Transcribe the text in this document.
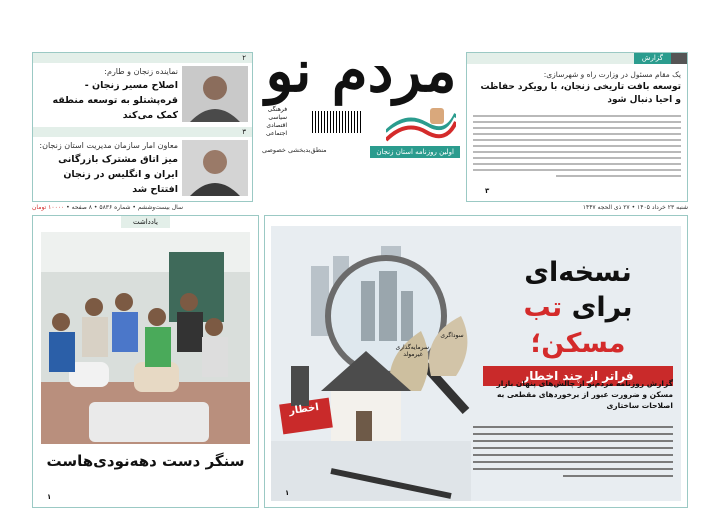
۲
نماینده زنجان و طارم:
اصلاح مسیر زنجان - قره‌پشتلو به توسعه منطقه کمک می‌کند
۳
معاون امار سازمان مدیریت استان زنجان:
میز اتاق مشترک بازرگانی ایران و انگلیس در زنجان افتتاح شد
مردم نو
فرهنگی
سیاسی
اقتصادی
اجتماعی
اولین روزنامه استان زنجان
منطق‌بدبخشی خصوصی
گزارش
یک مقام مسئول در وزارت راه و شهرسازی:
توسعه بافت تاریخی زنجان، با رویکرد حفاظت و احیا دنبال شود
۳
شنبه ۲۳ خرداد ۱۴۰۵ • ۲۷ ذی الحجه ۱۴۴۷
سال بیست‌وششم • شماره ۵۸۳۶ • ۸ صفحه • ۱۰۰۰۰ تومان
یادداشت
سنگر دست دهه‌نودی‌هاست
۱
اخطار
سوداگری
سرمایه‌گذاری غیرمولد
نسخه‌ای
برای تب مسکن؛
فراتر از چند اخطار
گزارش روزنامه مردم‌نو از چالش‌های پنهان بازار مسکن و ضرورت عبور از برخوردهای مقطعی به اصلاحات ساختاری
۱
